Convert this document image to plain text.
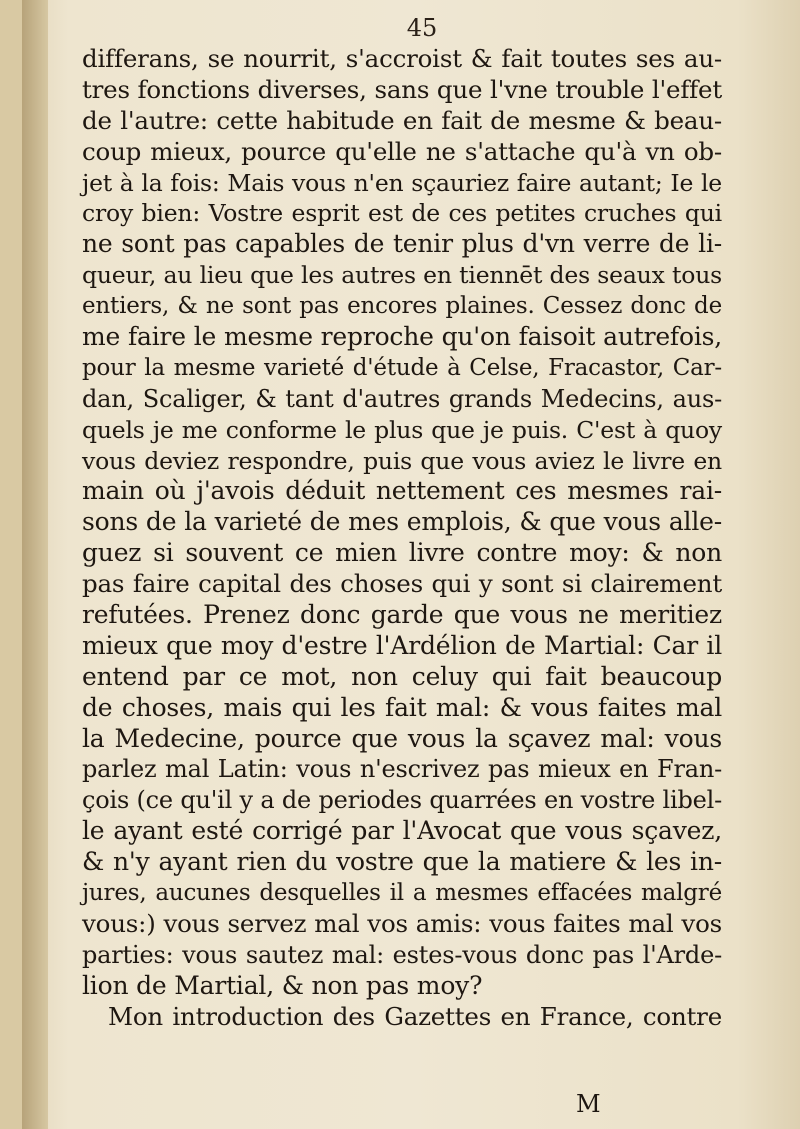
45
differans, se nourrit, s'accroist & fait toutes ses au-
tres fonctions diverses, sans que l'vne trouble l'effet
de l'autre: cette habitude en fait de mesme & beau-
coup mieux, pource qu'elle ne s'attache qu'à vn ob-
jet à la fois: Mais vous n'en sçauriez faire autant; Ie le
croy bien: Vostre esprit est de ces petites cruches qui
ne sont pas capables de tenir plus d'vn verre de li-
queur, au lieu que les autres en tiennēt des seaux tous
entiers, & ne sont pas encores plaines. Cessez donc de
me faire le mesme reproche qu'on faisoit autrefois,
pour la mesme varieté d'étude à Celse, Fracastor, Car-
dan, Scaliger, & tant d'autres grands Medecins, aus-
quels je me conforme le plus que je puis. C'est à quoy
vous deviez respondre, puis que vous aviez le livre en
main où j'avois déduit nettement ces mesmes rai-
sons de la varieté de mes emplois, & que vous alle-
guez si souvent ce mien livre contre moy: & non
pas faire capital des choses qui y sont si clairement
refutées. Prenez donc garde que vous ne meritiez
mieux que moy d'estre l'Ardélion de Martial: Car il
entend par ce mot, non celuy qui fait beaucoup
de choses, mais qui les fait mal: & vous faites mal
la Medecine, pource que vous la sçavez mal: vous
parlez mal Latin: vous n'escrivez pas mieux en Fran-
çois (ce qu'il y a de periodes quarrées en vostre libel-
le ayant esté corrigé par l'Avocat que vous sçavez,
& n'y ayant rien du vostre que la matiere & les in-
jures, aucunes desquelles il a mesmes effacées malgré
vous:) vous servez mal vos amis: vous faites mal vos
parties: vous sautez mal: estes-vous donc pas l'Arde-
lion de Martial, & non pas moy?
Mon introduction des Gazettes en France, contre
M
